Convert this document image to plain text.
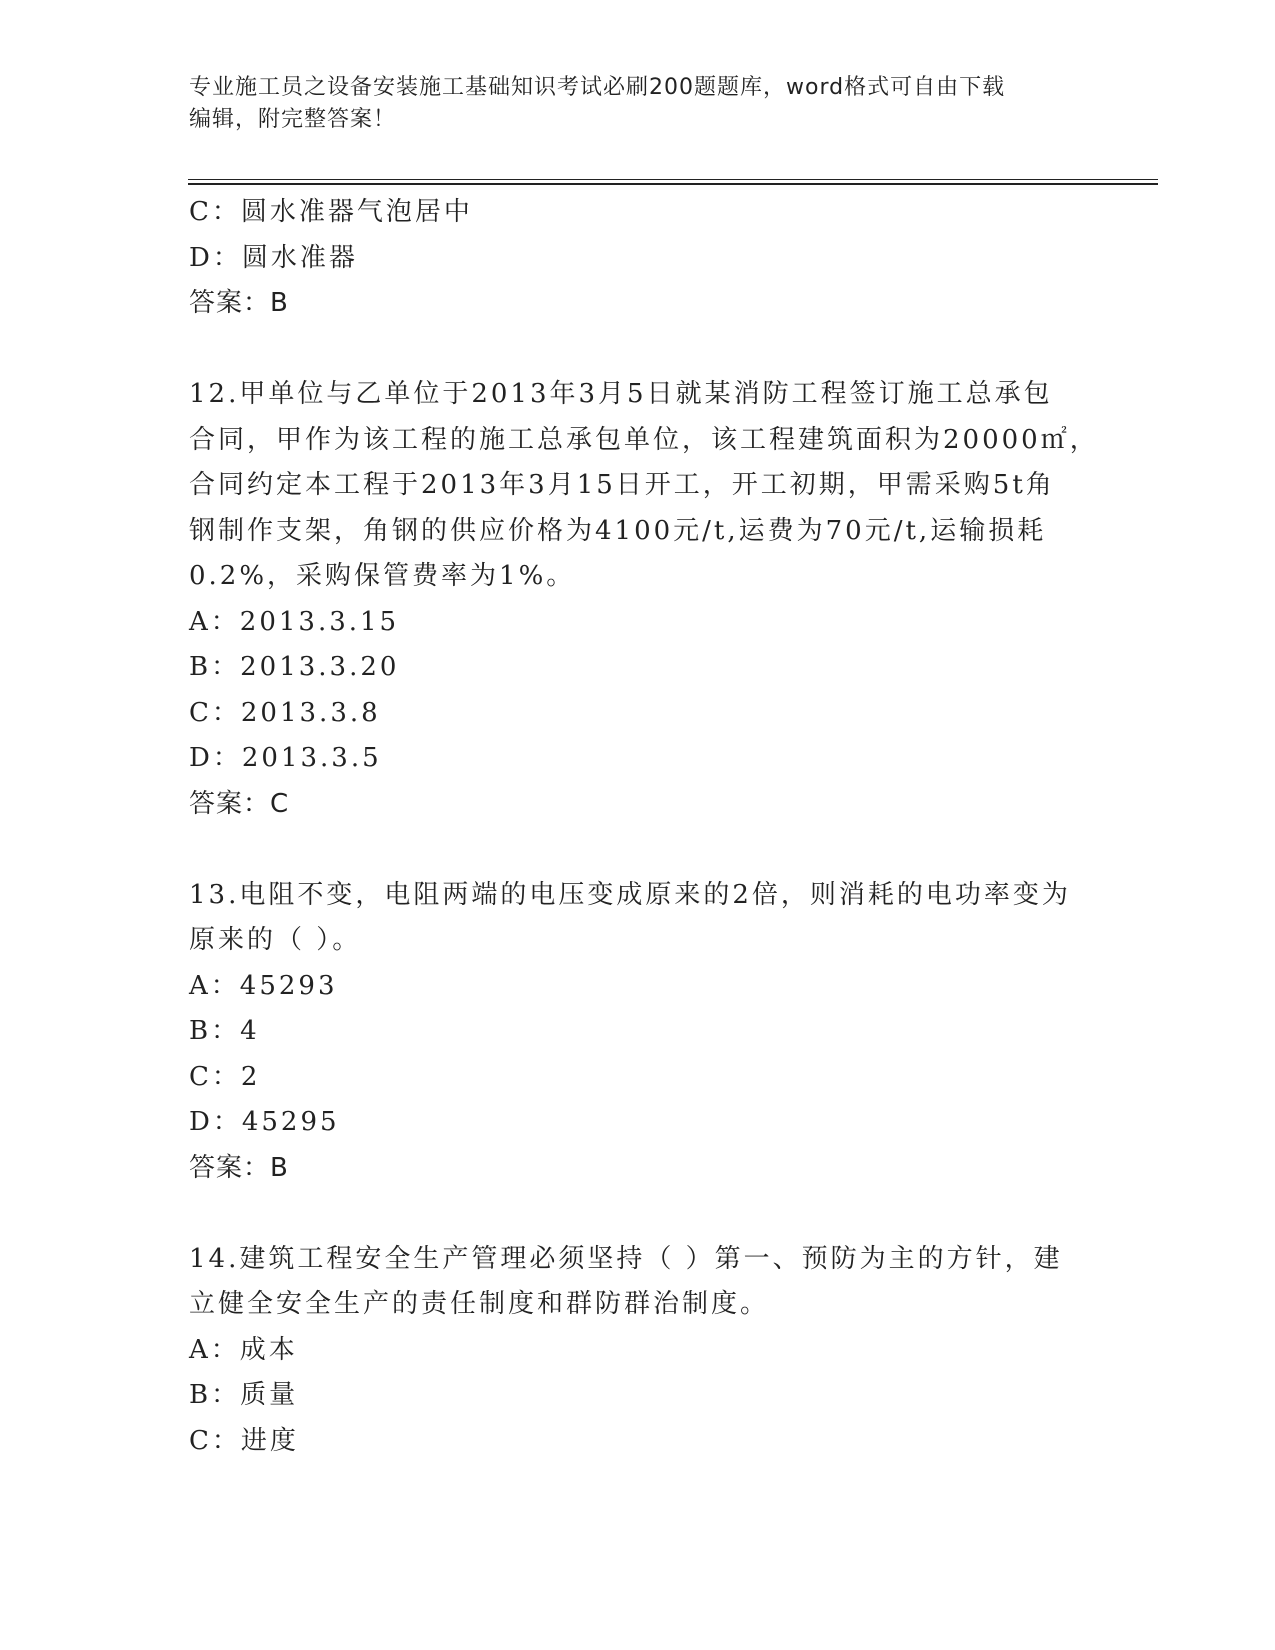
专业施工员之设备安装施工基础知识考试必刷200题题库，word格式可自由下载
编辑，附完整答案！
C：圆水准器气泡居中
D：圆水准器
答案：B
12.甲单位与乙单位于2013年3月5日就某消防工程签订施工总承包
合同，甲作为该工程的施工总承包单位，该工程建筑面积为20000㎡，
合同约定本工程于2013年3月15日开工，开工初期，甲需采购5t角
钢制作支架，角钢的供应价格为4100元/t,运费为70元/t,运输损耗
0.2%，采购保管费率为1%。
A：2013.3.15
B：2013.3.20
C：2013.3.8
D：2013.3.5
答案：C
13.电阻不变，电阻两端的电压变成原来的2倍，则消耗的电功率变为
原来的（ ）。
A：45293
B：4
C：2
D：45295
答案：B
14.建筑工程安全生产管理必须坚持（ ）第一、预防为主的方针，建
立健全安全生产的责任制度和群防群治制度。
A：成本
B：质量
C：进度
